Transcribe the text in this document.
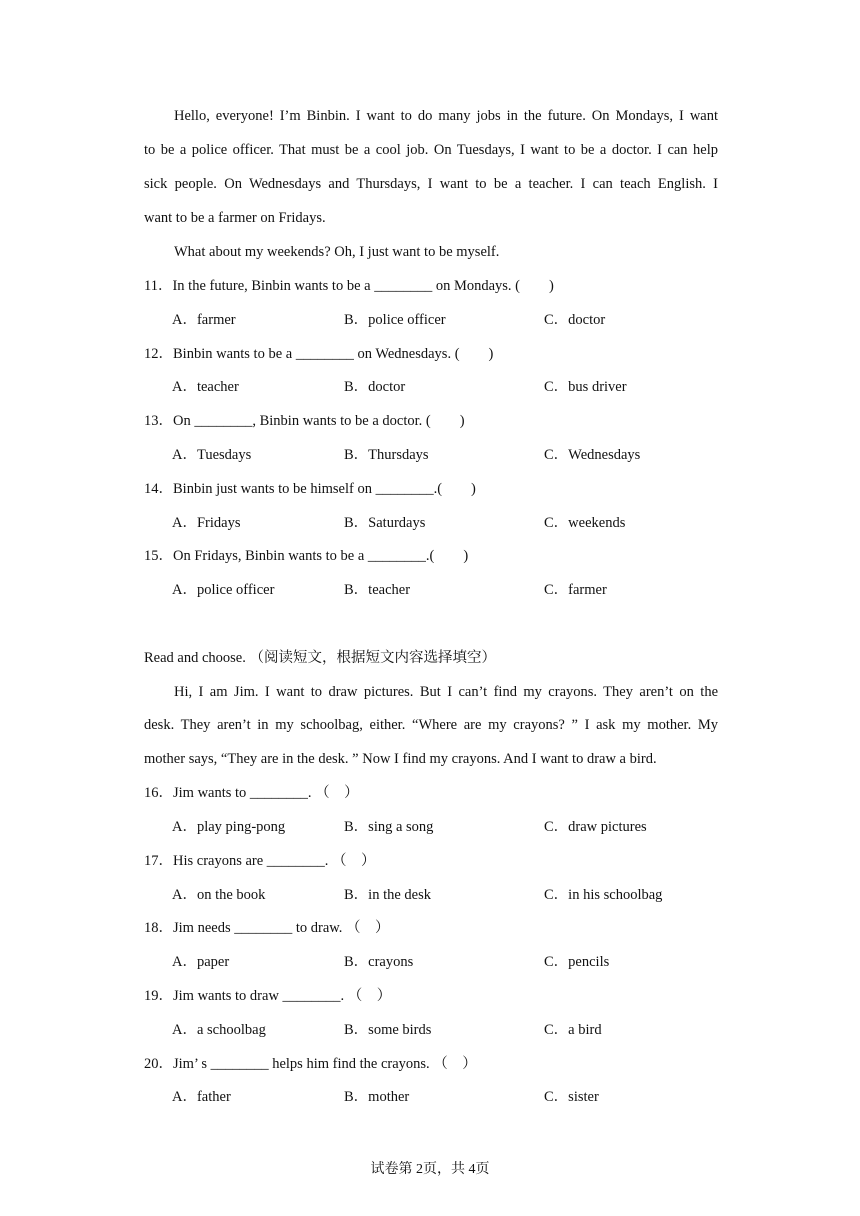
Hello, everyone! I’m Binbin. I want to do many jobs in the future. On Mondays, I want
to be a police officer. That must be a cool job. On Tuesdays, I want to be a doctor. I can help
sick people. On Wednesdays and Thursdays, I want to be a teacher. I can teach English. I
want to be a farmer on Fridays.
What about my weekends? Oh, I just want to be myself.
11．In the future, Binbin wants to be a ________ on Mondays. (　　)
A．farmer	B．police officer	C．doctor
12．Binbin wants to be a ________ on Wednesdays. (　　)
A．teacher	B．doctor	C．bus driver
13．On ________, Binbin wants to be a doctor. (　　)
A．Tuesdays	B．Thursdays	C．Wednesdays
14．Binbin just wants to be himself on ________.(　　)
A．Fridays	B．Saturdays	C．weekends
15．On Fridays, Binbin wants to be a ________.(　　)
A．police officer	B．teacher	C．farmer
Read and choose. （阅读短文，根据短文内容选择填空）
Hi, I am Jim. I want to draw pictures. But I can’t find my crayons. They aren’t on the
desk. They aren’t in my schoolbag, either. “Where are my crayons? ” I ask my mother. My
mother says, “They are in the desk. ” Now I find my crayons. And I want to draw a bird.
16．Jim wants to ________. （　）
A．play ping-pong	B．sing a song	C．draw pictures
17．His crayons are ________. （　）
A．on the book	B．in the desk	C．in his schoolbag
18．Jim needs ________ to draw. （　）
A．paper	B．crayons	C．pencils
19．Jim wants to draw ________. （　）
A．a schoolbag	B．some birds	C．a bird
20．Jim’ s ________ helps him find the crayons. （　）
A．father	B．mother	C．sister
试卷第 2页，共 4页
